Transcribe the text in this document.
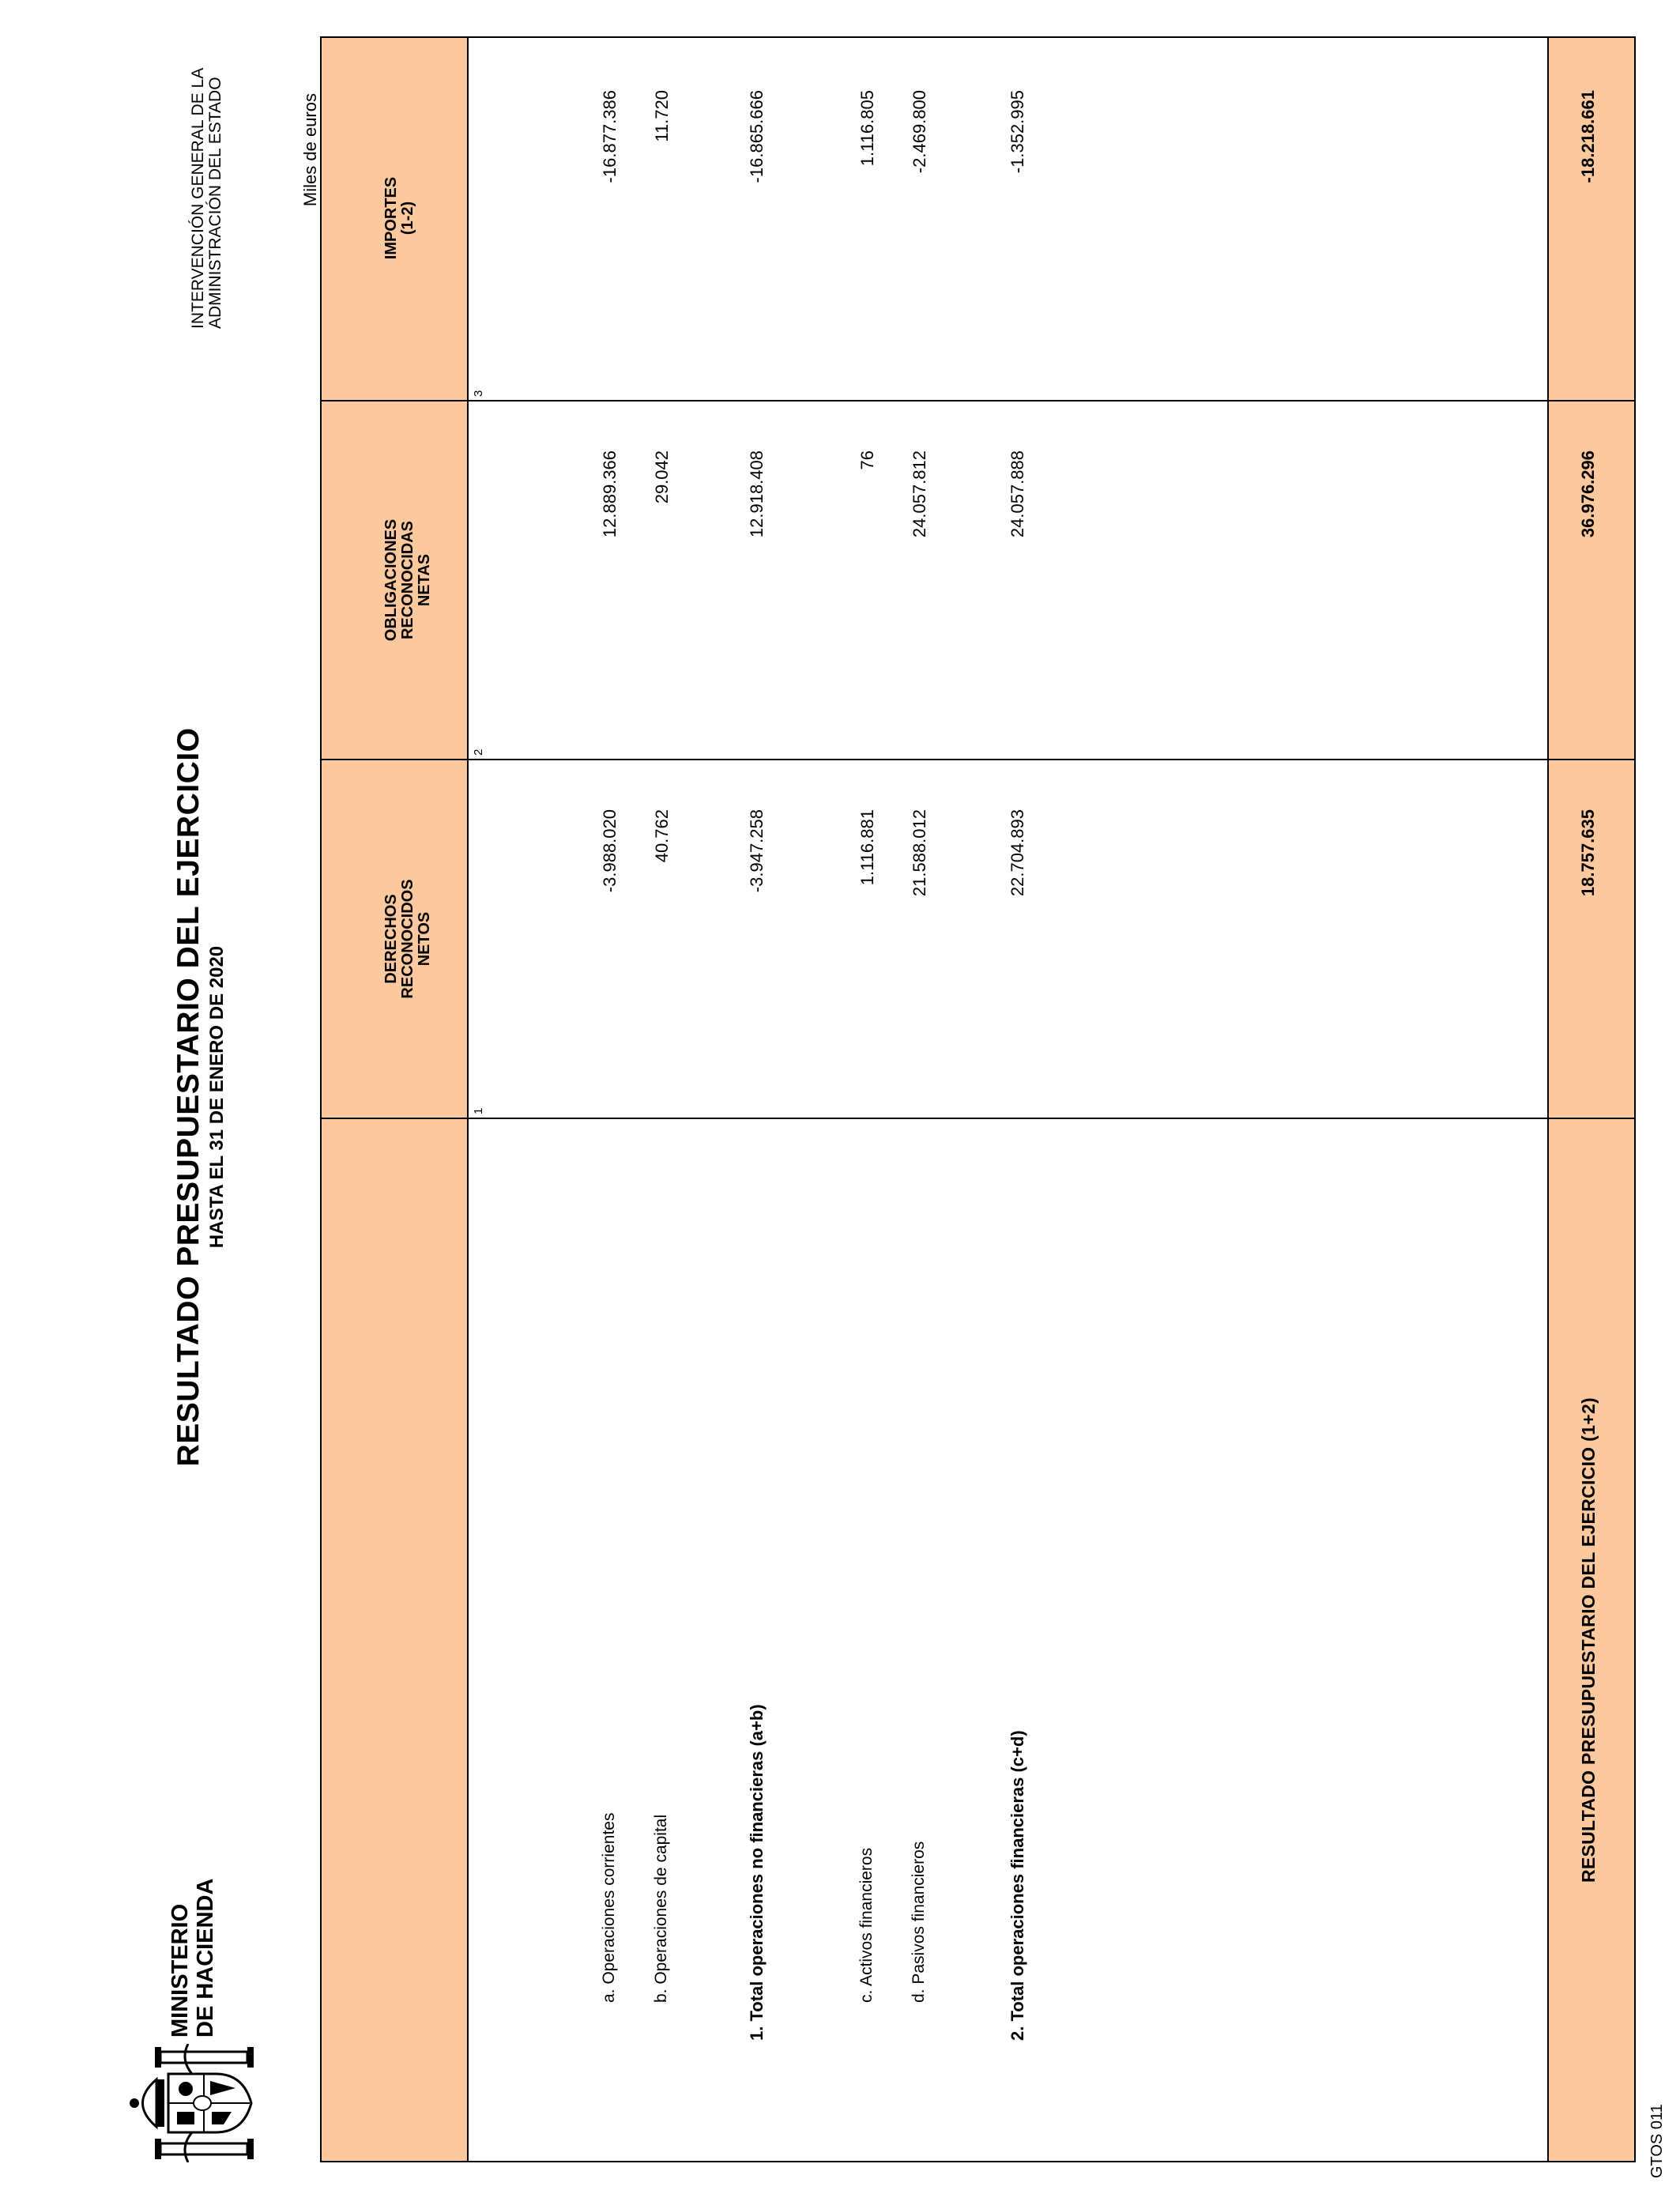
MINISTERIO DE HACIENDA
RESULTADO PRESUPUESTARIO DEL EJERCICIO HASTA EL 31 DE ENERO DE 2020
INTERVENCIÓN GENERAL DE LA ADMINISTRACIÓN DEL ESTADO	Miles de euros
DERECHOS RECONOCIDOS NETOS
OBLIGACIONES RECONOCIDAS NETAS
IMPORTES (1-2)
1
2
3
a. Operaciones corrientes
-3.988.020
12.889.366
-16.877.386
b. Operaciones de capital
40.762
29.042
11.720
1. Total operaciones no financieras (a+b)
-3.947.258
12.918.408
-16.865.666
c. Activos financieros
1.116.881
76
1.116.805
d. Pasivos financieros
21.588.012
24.057.812
-2.469.800
2. Total operaciones financieras (c+d)
22.704.893
24.057.888
-1.352.995
RESULTADO PRESUPUESTARIO DEL EJERCICIO (1+2)
18.757.635
36.976.296
-18.218.661
GTOS 011
